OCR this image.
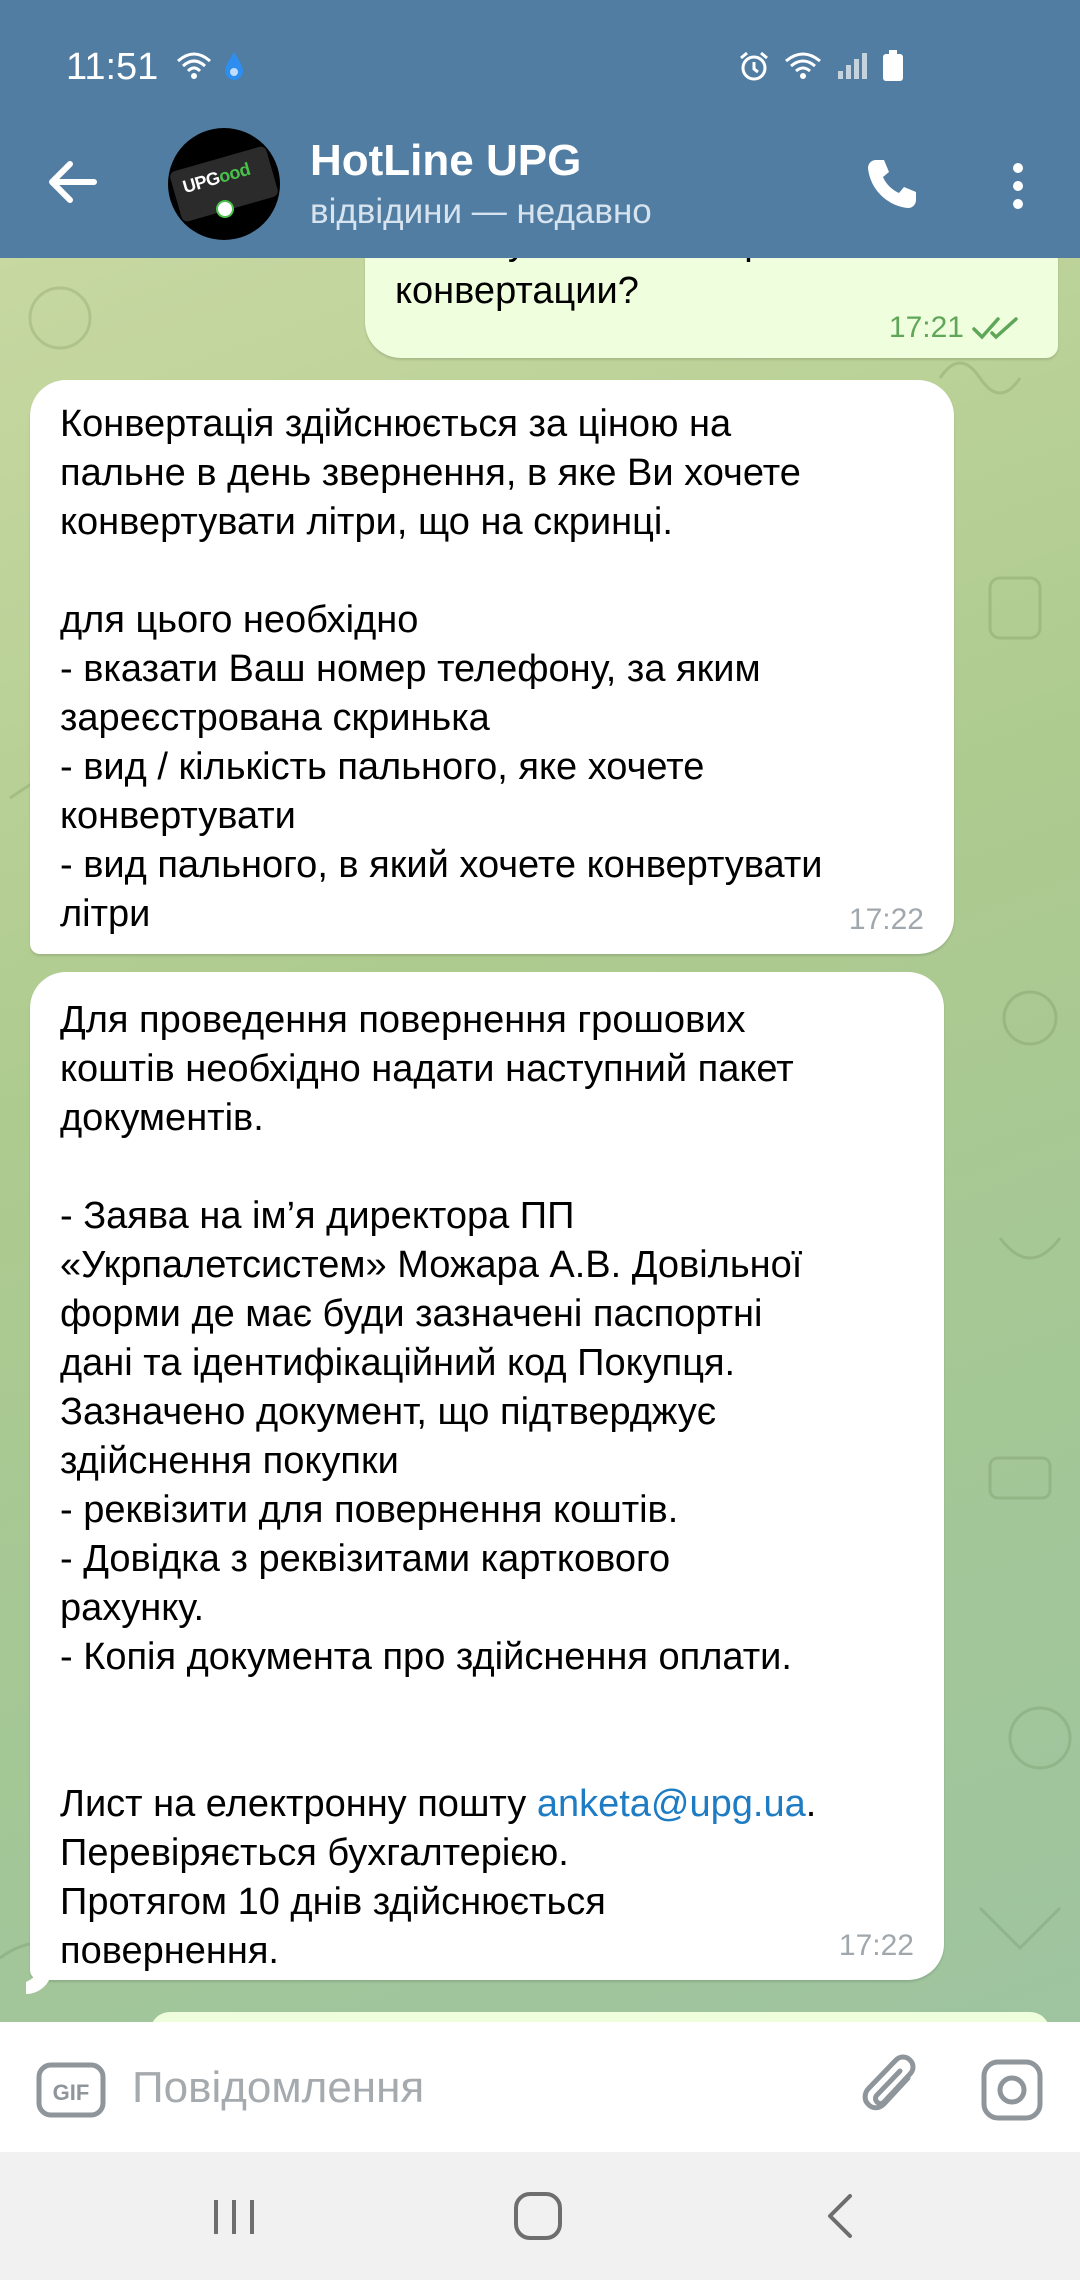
11:51
UPGood HotLine UPG
відвідини — недавно

конвертации?

17:21

Конвертація здійснюється за ціною на
пальне в день звернення, в яке Ви хочете
конвертувати літри, що на скринці.

для цього необхідно
- вказати Ваш номер телефону, за яким
зареєстрована скринька
- вид / кількість пального, яке хочете
конвертувати
- вид пального, в який хочете конвертувати
літри

	17:22

Для проведення повернення грошових
коштів необхідно надати наступний пакет
документів.

- Заява на ім’я директора ПП
«Укрпалетсистем» Можара А.В. Довільної
форми де має буди зазначені паспортні
дані та ідентифікаційний код Покупця.
Зазначено документ, що підтверджує
здійснення покупки
- реквізити для повернення коштів.
- Довідка з реквізитами карткового
рахунку.
- Копія документа про здійснення оплати.

Лист на електронну пошту anketa@upg.ua.
Перевіряється бухгалтерією.
Протягом 10 днів здійснюється
повернення.

	17:22

GIF
Повідомлення
